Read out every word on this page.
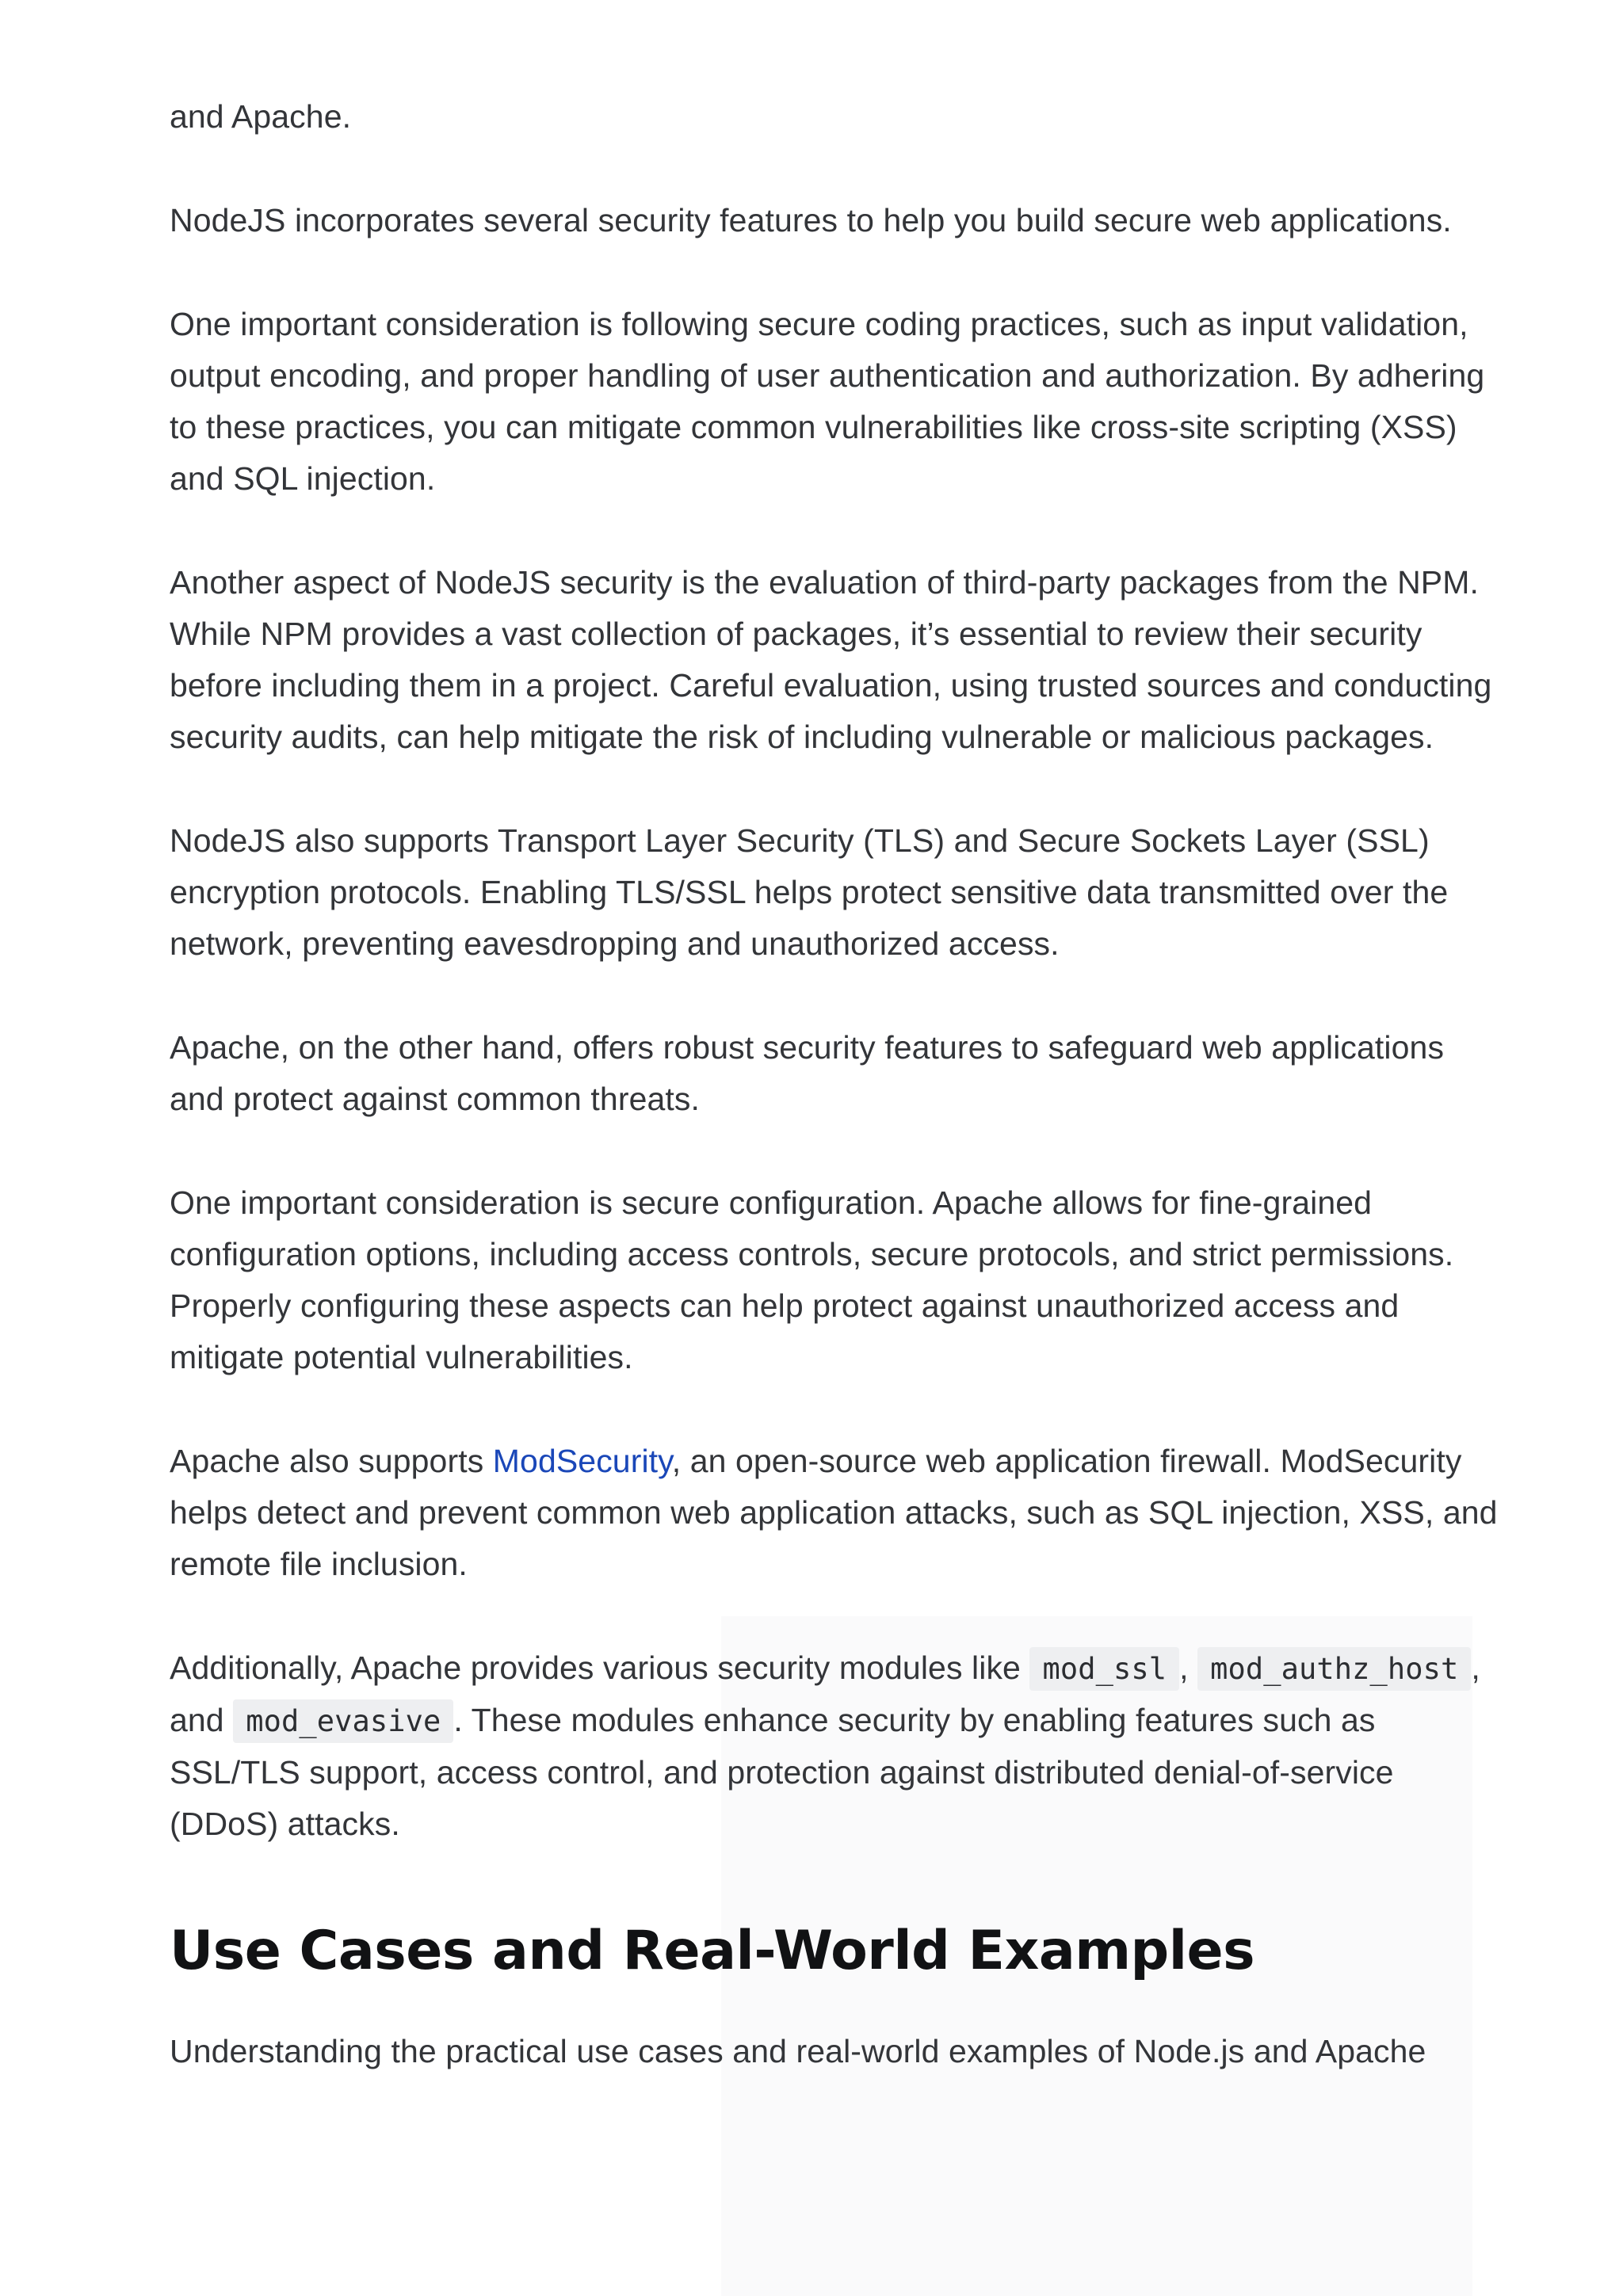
and Apache.

NodeJS incorporates several security features to help you build secure web applications.

One important consideration is following secure coding practices, such as input validation, output encoding, and proper handling of user authentication and authorization. By adhering to these practices, you can mitigate common vulnerabilities like cross-site scripting (XSS) and SQL injection.

Another aspect of NodeJS security is the evaluation of third-party packages from the NPM. While NPM provides a vast collection of packages, it’s essential to review their security before including them in a project. Careful evaluation, using trusted sources and conducting security audits, can help mitigate the risk of including vulnerable or malicious packages.

NodeJS also supports Transport Layer Security (TLS) and Secure Sockets Layer (SSL) encryption protocols. Enabling TLS/SSL helps protect sensitive data transmitted over the network, preventing eavesdropping and unauthorized access.

Apache, on the other hand, offers robust security features to safeguard web applications and protect against common threats.

One important consideration is secure configuration. Apache allows for fine-grained configuration options, including access controls, secure protocols, and strict permissions. Properly configuring these aspects can help protect against unauthorized access and mitigate potential vulnerabilities.

Apache also supports ModSecurity, an open-source web application firewall. ModSecurity helps detect and prevent common web application attacks, such as SQL injection, XSS, and remote file inclusion.

Additionally, Apache provides various security modules like mod_ssl , mod_authz_host , and mod_evasive . These modules enhance security by enabling features such as SSL/TLS support, access control, and protection against distributed denial-of-service (DDoS) attacks.

Use Cases and Real-World Examples

Understanding the practical use cases and real-world examples of Node.js and Apache
